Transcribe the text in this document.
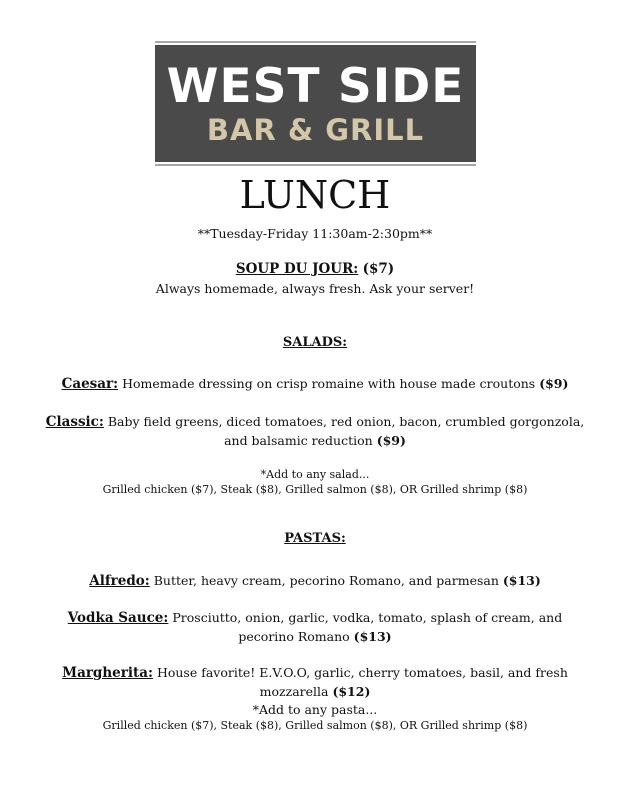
WEST SIDE
BAR & GRILL
LUNCH
**Tuesday-Friday 11:30am-2:30pm**
SOUP DU JOUR: ($7)
Always homemade, always fresh. Ask your server!
SALADS:
Caesar: Homemade dressing on crisp romaine with house made croutons ($9)
Classic: Baby field greens, diced tomatoes, red onion, bacon, crumbled gorgonzola,
and balsamic reduction ($9)
*Add to any salad...
Grilled chicken ($7), Steak ($8), Grilled salmon ($8), OR Grilled shrimp ($8)
PASTAS:
Alfredo: Butter, heavy cream, pecorino Romano, and parmesan ($13)
Vodka Sauce: Prosciutto, onion, garlic, vodka, tomato, splash of cream, and
pecorino Romano ($13)
Margherita: House favorite! E.V.O.O, garlic, cherry tomatoes, basil, and fresh
mozzarella ($12)
*Add to any pasta...
Grilled chicken ($7), Steak ($8), Grilled salmon ($8), OR Grilled shrimp ($8)
